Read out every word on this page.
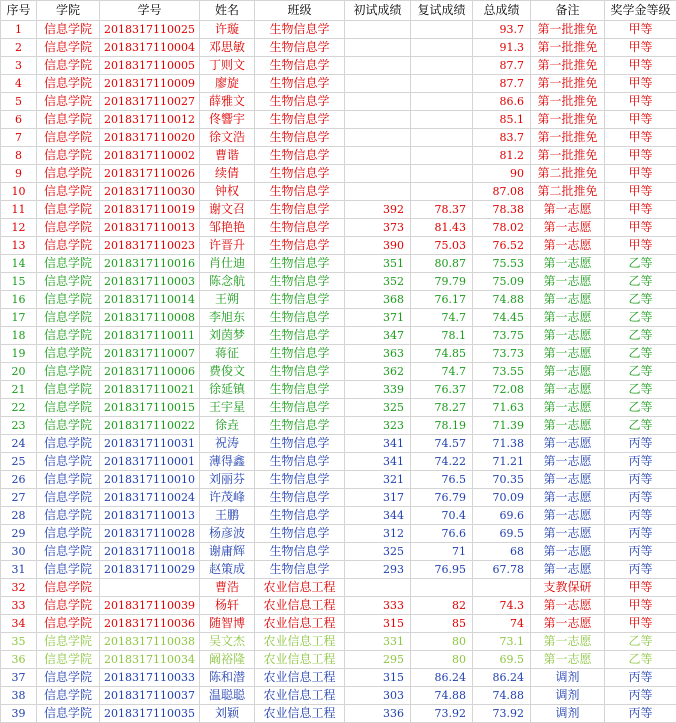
序号	学院	学号	姓名	班级	初试成绩	复试成绩	总成绩	备注	奖学金等级
1	信息学院	2018317110025	许璇	生物信息学			93.7	第一批推免	甲等
2	信息学院	2018317110004	邓思敏	生物信息学			91.3	第一批推免	甲等
3	信息学院	2018317110005	丁则文	生物信息学			87.7	第一批推免	甲等
4	信息学院	2018317110009	廖旋	生物信息学			87.7	第一批推免	甲等
5	信息学院	2018317110027	薛雅文	生物信息学			86.6	第一批推免	甲等
6	信息学院	2018317110012	佟響宇	生物信息学			85.1	第一批推免	甲等
7	信息学院	2018317110020	徐文浩	生物信息学			83.7	第一批推免	甲等
8	信息学院	2018317110002	曹谐	生物信息学			81.2	第一批推免	甲等
9	信息学院	2018317110026	续倩	生物信息学			90	第二批推免	甲等
10	信息学院	2018317110030	钟权	生物信息学			87.08	第二批推免	甲等
11	信息学院	2018317110019	谢文召	生物信息学	392	78.37	78.38	第一志愿	甲等
12	信息学院	2018317110013	邹艳艳	生物信息学	373	81.43	78.02	第一志愿	甲等
13	信息学院	2018317110023	许晋升	生物信息学	390	75.03	76.52	第一志愿	甲等
14	信息学院	2018317110016	肖仕迪	生物信息学	351	80.87	75.53	第一志愿	乙等
15	信息学院	2018317110003	陈念航	生物信息学	352	79.79	75.09	第一志愿	乙等
16	信息学院	2018317110014	王朔	生物信息学	368	76.17	74.88	第一志愿	乙等
17	信息学院	2018317110008	李旭东	生物信息学	371	74.7	74.45	第一志愿	乙等
18	信息学院	2018317110011	刘茵梦	生物信息学	347	78.1	73.75	第一志愿	乙等
19	信息学院	2018317110007	蒋征	生物信息学	363	74.85	73.73	第一志愿	乙等
20	信息学院	2018317110006	费俊文	生物信息学	362	74.7	73.55	第一志愿	乙等
21	信息学院	2018317110021	徐延镇	生物信息学	339	76.37	72.08	第一志愿	乙等
22	信息学院	2018317110015	王宇星	生物信息学	325	78.27	71.63	第一志愿	乙等
23	信息学院	2018317110022	徐垚	生物信息学	323	78.19	71.39	第一志愿	乙等
24	信息学院	2018317110031	祝涛	生物信息学	341	74.57	71.38	第一志愿	丙等
25	信息学院	2018317110001	薄得鑫	生物信息学	341	74.22	71.21	第一志愿	丙等
26	信息学院	2018317110010	刘丽芬	生物信息学	321	76.5	70.35	第一志愿	丙等
27	信息学院	2018317110024	许茂峰	生物信息学	317	76.79	70.09	第一志愿	丙等
28	信息学院	2018317110013	王鹏	生物信息学	344	70.4	69.6	第一志愿	丙等
29	信息学院	2018317110028	杨彦波	生物信息学	312	76.6	69.5	第一志愿	丙等
30	信息学院	2018317110018	谢庸辉	生物信息学	325	71	68	第一志愿	丙等
31	信息学院	2018317110029	赵策成	生物信息学	293	76.95	67.78	第一志愿	丙等
32	信息学院		曹浩	农业信息工程				支教保研	甲等
33	信息学院	2018317110039	杨轩	农业信息工程	333	82	74.3	第一志愿	甲等
34	信息学院	2018317110036	随智博	农业信息工程	315	85	74	第一志愿	甲等
35	信息学院	2018317110038	吴文杰	农业信息工程	331	80	73.1	第一志愿	乙等
36	信息学院	2018317110034	阚裕隆	农业信息工程	295	80	69.5	第一志愿	乙等
37	信息学院	2018317110033	陈和潜	农业信息工程	315	86.24	86.24	调剂	丙等
38	信息学院	2018317110037	温聪聪	农业信息工程	303	74.88	74.88	调剂	丙等
39	信息学院	2018317110035	刘颖	农业信息工程	336	73.92	73.92	调剂	丙等
